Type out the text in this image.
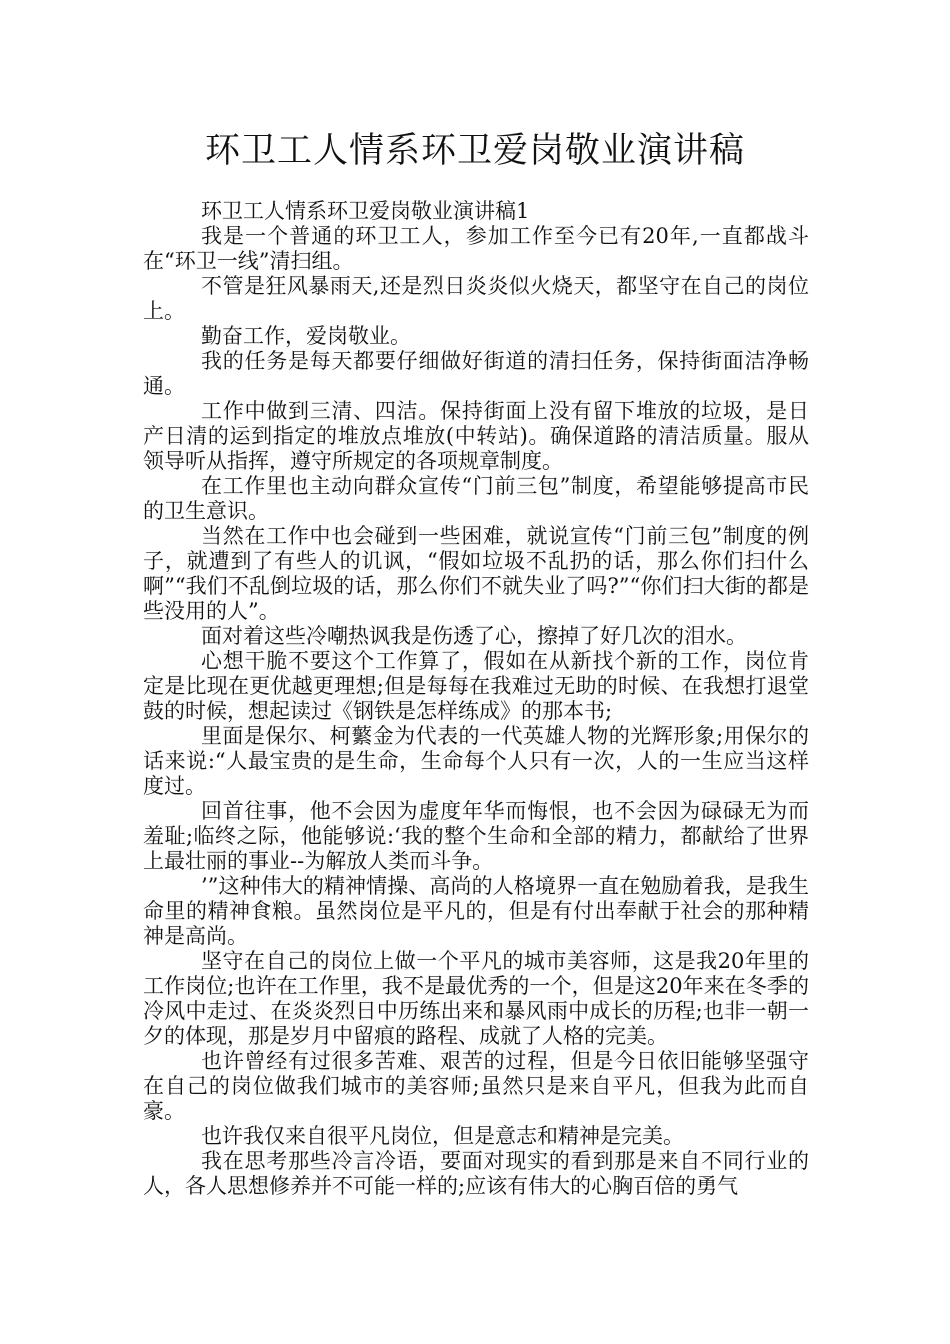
环卫工人情系环卫爱岗敬业演讲稿

环卫工人情系环卫爱岗敬业演讲稿1

我是一个普通的环卫工人，参加工作至今已有20年,一直都战斗在“环卫一线”清扫组。

不管是狂风暴雨天,还是烈日炎炎似火烧天，都坚守在自己的岗位上。

勤奋工作，爱岗敬业。

我的任务是每天都要仔细做好街道的清扫任务，保持街面洁净畅通。

工作中做到三清、四洁。保持街面上没有留下堆放的垃圾，是日产日清的运到指定的堆放点堆放(中转站)。确保道路的清洁质量。服从领导听从指挥，遵守所规定的各项规章制度。

在工作里也主动向群众宣传“门前三包”制度，希望能够提高市民的卫生意识。

当然在工作中也会碰到一些困难，就说宣传“门前三包”制度的例子，就遭到了有些人的讥讽，“假如垃圾不乱扔的话，那么你们扫什么啊”“我们不乱倒垃圾的话，那么你们不就失业了吗?”“你们扫大街的都是些没用的人”。

面对着这些冷嘲热讽我是伤透了心，擦掉了好几次的泪水。

心想干脆不要这个工作算了，假如在从新找个新的工作，岗位肯定是比现在更优越更理想;但是每每在我难过无助的时候、在我想打退堂鼓的时候，想起读过《钢铁是怎样练成》的那本书;

里面是保尔、柯蘩金为代表的一代英雄人物的光辉形象;用保尔的话来说:“人最宝贵的是生命，生命每个人只有一次，人的一生应当这样度过。

回首往事，他不会因为虚度年华而悔恨，也不会因为碌碌无为而羞耻;临终之际，他能够说:‘我的整个生命和全部的精力，都献给了世界上最壮丽的事业--为解放人类而斗争。

’”这种伟大的精神情操、高尚的人格境界一直在勉励着我，是我生命里的精神食粮。虽然岗位是平凡的，但是有付出奉献于社会的那种精神是高尚。

坚守在自己的岗位上做一个平凡的城市美容师，这是我20年里的工作岗位;也许在工作里，我不是最优秀的一个，但是这20年来在冬季的冷风中走过、在炎炎烈日中历练出来和暴风雨中成长的历程;也非一朝一夕的体现，那是岁月中留痕的路程、成就了人格的完美。

也许曾经有过很多苦难、艰苦的过程，但是今日依旧能够坚强守在自己的岗位做我们城市的美容师;虽然只是来自平凡，但我为此而自豪。

也许我仅来自很平凡岗位，但是意志和精神是完美。

我在思考那些冷言冷语，要面对现实的看到那是来自不同行业的人，各人思想修养并不可能一样的;应该有伟大的心胸百倍的勇气
